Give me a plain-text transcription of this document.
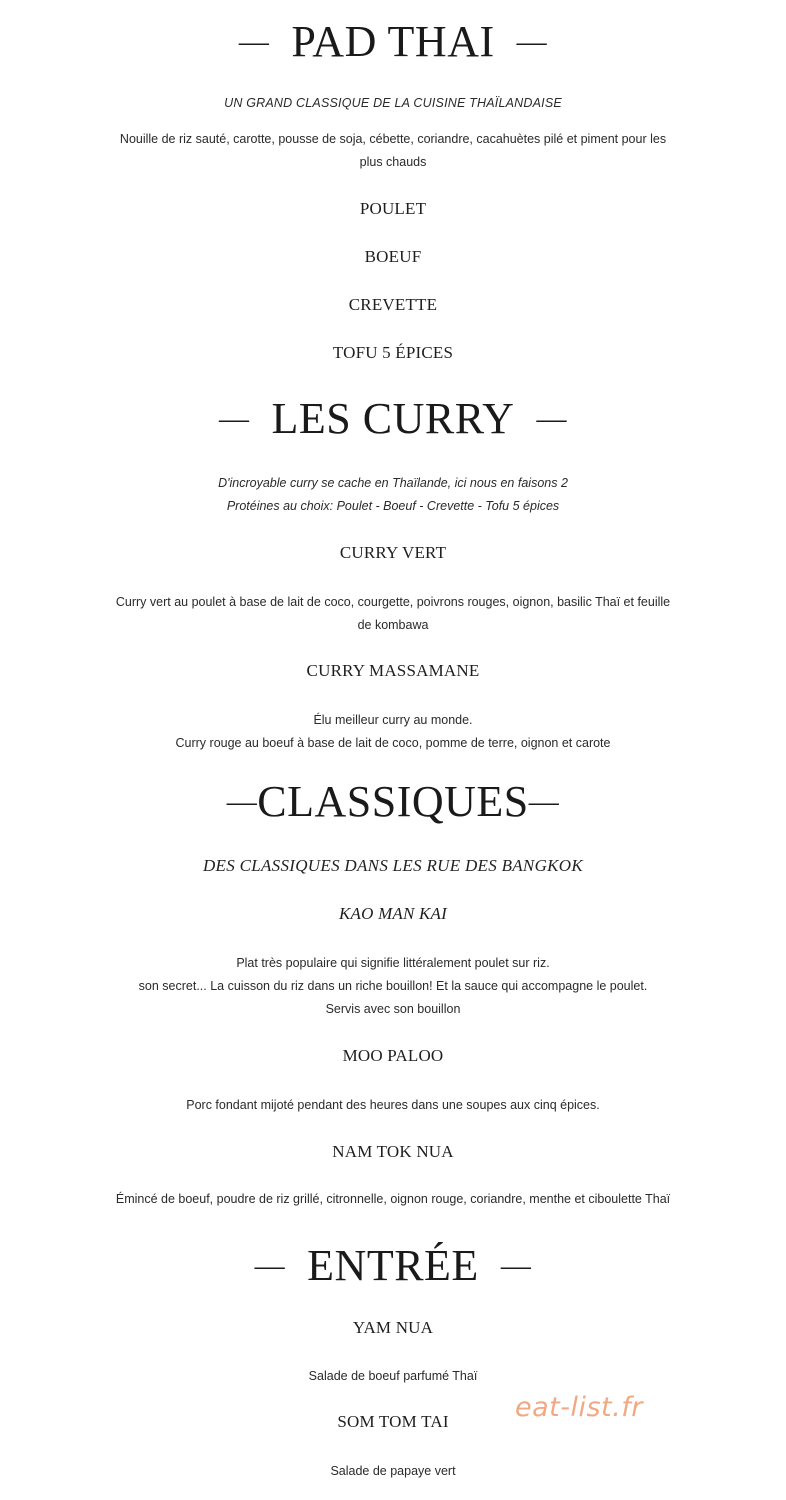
— PAD THAI —
UN GRAND CLASSIQUE DE LA CUISINE THAÏLANDAISE
Nouille de riz sauté, carotte, pousse de soja, cébette, coriandre, cacahuètes pilé et piment pour les
plus chauds
POULET
BOEUF
CREVETTE
TOFU 5 ÉPICES
— LES CURRY —
D'incroyable curry se cache en Thaïlande, ici nous en faisons 2
Protéines au choix: Poulet - Boeuf - Crevette - Tofu 5 épices
CURRY VERT
Curry vert au poulet à base de lait de coco, courgette, poivrons rouges, oignon, basilic Thaï et feuille
de kombawa
CURRY MASSAMANE
Élu meilleur curry au monde.
Curry rouge au boeuf à base de lait de coco, pomme de terre, oignon et carote
—CLASSIQUES—
DES CLASSIQUES DANS LES RUE DES BANGKOK
KAO MAN KAI
Plat très populaire qui signifie littéralement poulet sur riz.
son secret... La cuisson du riz dans un riche bouillon! Et la sauce qui accompagne le poulet.
Servis avec son bouillon
MOO PALOO
Porc fondant mijoté pendant des heures dans une soupes aux cinq épices.
NAM TOK NUA
Émincé de boeuf, poudre de riz grillé, citronnelle, oignon rouge, coriandre, menthe et ciboulette Thaï
— ENTRÉE —
YAM NUA
Salade de boeuf parfumé Thaï
SOM TOM TAI
Salade de papaye vert
eat-list.fr
